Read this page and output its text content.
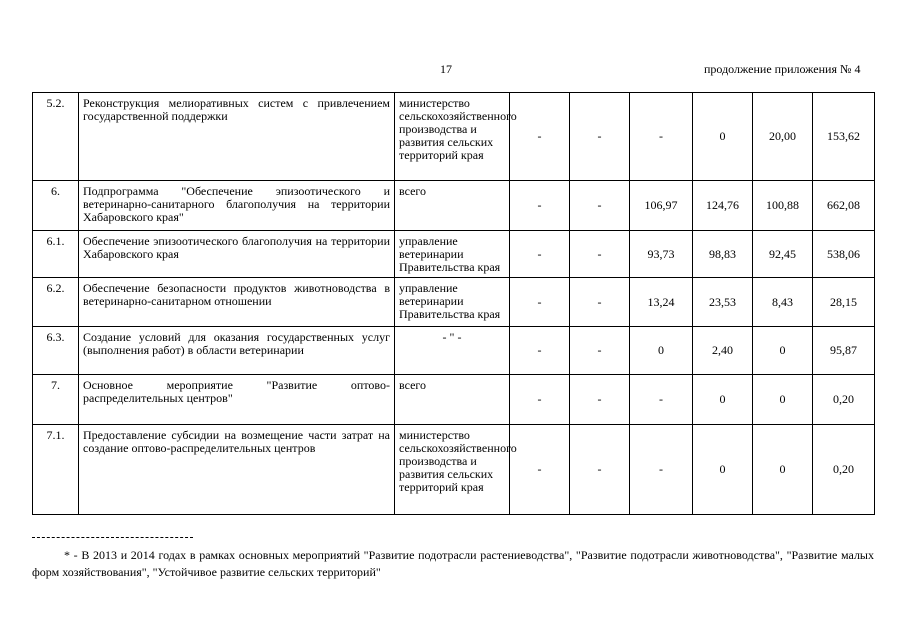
17	продолжение приложения № 4
5.2.	Реконструкция мелиоративных систем с привлечением государственной поддержки	министерство сельскохозяйственного производства и развития сельских территорий края	-	-	-	0	20,00	153,62
6.	Подпрограмма "Обеспечение эпизоотического и ветеринарно-санитарного благополучия на территории Хабаровского края"	всего	-	-	106,97	124,76	100,88	662,08
6.1.	Обеспечение эпизоотического благополучия на территории Хабаровского края	управление ветеринарии Правительства края	-	-	93,73	98,83	92,45	538,06
6.2.	Обеспечение безопасности продуктов животноводства в ветеринарно-санитарном отношении	управление ветеринарии Правительства края	-	-	13,24	23,53	8,43	28,15
6.3.	Создание условий для оказания государственных услуг (выполнения работ) в области ветеринарии	- " -	-	-	0	2,40	0	95,87
7.	Основное мероприятие "Развитие оптово-распределительных центров"	всего	-	-	-	0	0	0,20
7.1.	Предоставление субсидии на возмещение части затрат на создание оптово-распределительных центров	министерство сельскохозяйственного производства и развития сельских территорий края	-	-	-	0	0	0,20
* - В 2013 и 2014 годах в рамках основных мероприятий "Развитие подотрасли растениеводства", "Развитие подотрасли животноводства", "Развитие малых форм хозяйствования", "Устойчивое развитие сельских территорий"
